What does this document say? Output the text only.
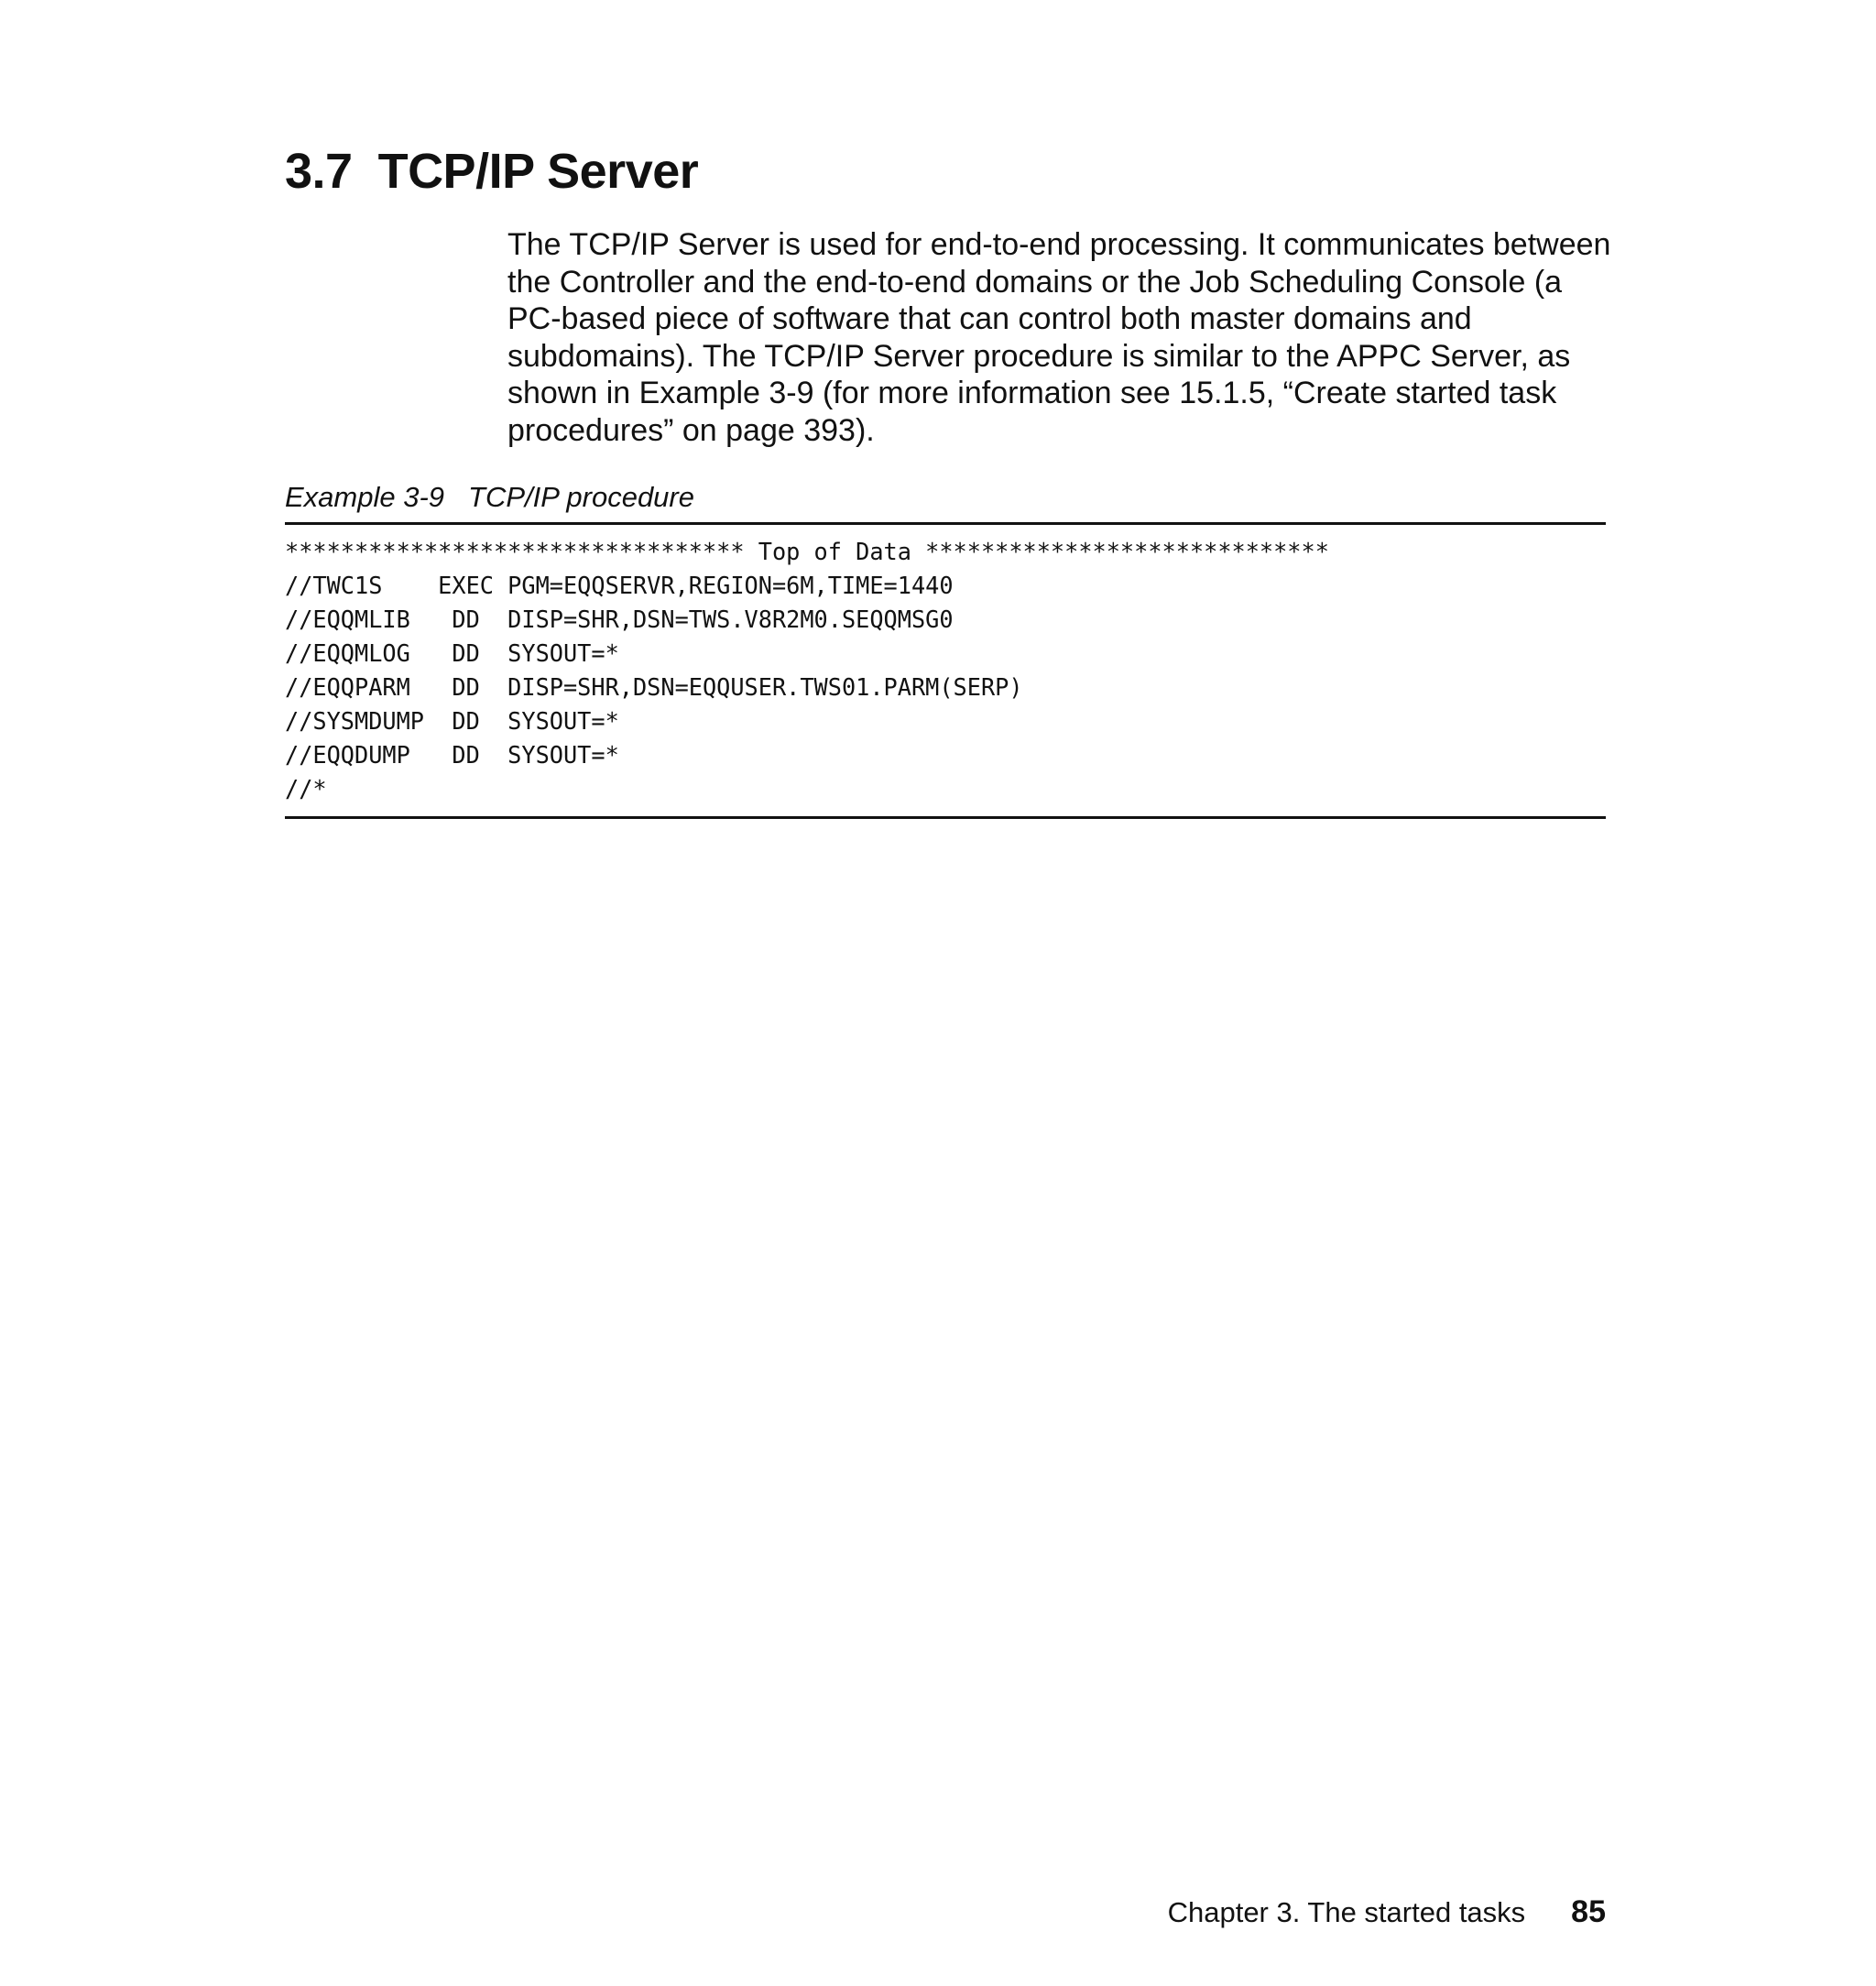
3.7 TCP/IP Server

The TCP/IP Server is used for end-to-end processing. It communicates between
the Controller and the end-to-end domains or the Job Scheduling Console (a
PC-based piece of software that can control both master domains and
subdomains). The TCP/IP Server procedure is similar to the APPC Server, as
shown in Example 3-9 (for more information see 15.1.5, “Create started task
procedures” on page 393).

Example 3-9 TCP/IP procedure
********************************* Top of Data *****************************
//TWC1S    EXEC PGM=EQQSERVR,REGION=6M,TIME=1440
//EQQMLIB   DD  DISP=SHR,DSN=TWS.V8R2M0.SEQQMSG0
//EQQMLOG   DD  SYSOUT=*
//EQQPARM   DD  DISP=SHR,DSN=EQQUSER.TWS01.PARM(SERP)
//SYSMDUMP  DD  SYSOUT=*
//EQQDUMP   DD  SYSOUT=*
//*
Chapter 3. The started tasks 85
